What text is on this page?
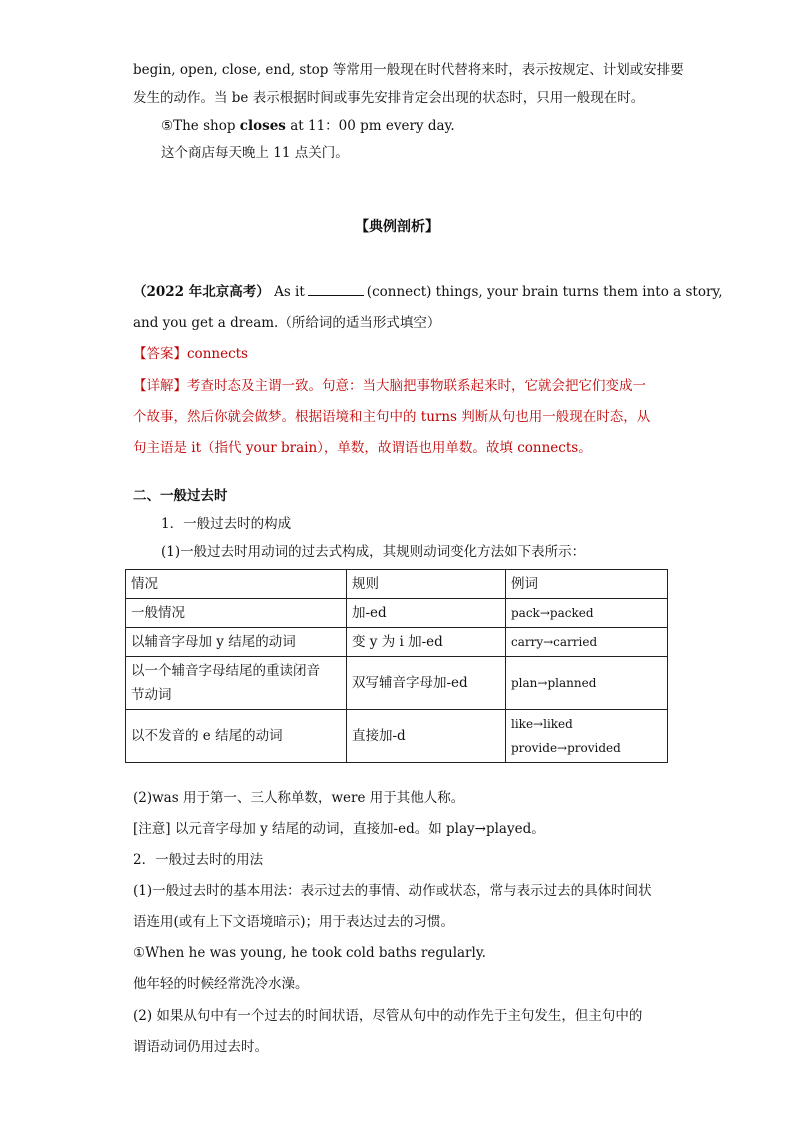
begin, open, close, end, stop 等常用一般现在时代替将来时，表示按规定、计划或安排要
发生的动作。当 be 表示根据时间或事先安排肯定会出现的状态时，只用一般现在时。
⑤The shop closes at 11：00 pm every day.
这个商店每天晚上 11 点关门。
【典例剖析】
（2022 年北京高考） As it	(connect) things, your brain turns them into a story,
and you get a dream.（所给词的适当形式填空）
【答案】connects
【详解】考查时态及主谓一致。句意：当大脑把事物联系起来时，它就会把它们变成一
个故事，然后你就会做梦。根据语境和主句中的 turns 判断从句也用一般现在时态，从
句主语是 it（指代 your brain），单数，故谓语也用单数。故填 connects。
二、一般过去时
1．一般过去时的构成
(1)一般过去时用动词的过去式构成，其规则动词变化方法如下表所示：
情况	规则	例词
一般情况	加-ed	pack→packed
以辅音字母加 y 结尾的动词	变 y 为 i 加-ed	carry→carried

以一个辅音字母结尾的重读闭音
节动词	双写辅音字母加-ed	plan→planned
以不发音的 e 结尾的动词	直接加-d	like→liked
provide→provided
(2)was 用于第一、三人称单数，were 用于其他人称。
[注意] 以元音字母加 y 结尾的动词，直接加-ed。如 play→played。
2．一般过去时的用法
(1)一般过去时的基本用法：表示过去的事情、动作或状态，常与表示过去的具体时间状
语连用(或有上下文语境暗示)；用于表达过去的习惯。
①When he was young, he took cold baths regularly.
他年轻的时候经常洗冷水澡。
(2) 如果从句中有一个过去的时间状语，尽管从句中的动作先于主句发生，但主句中的
谓语动词仍用过去时。
